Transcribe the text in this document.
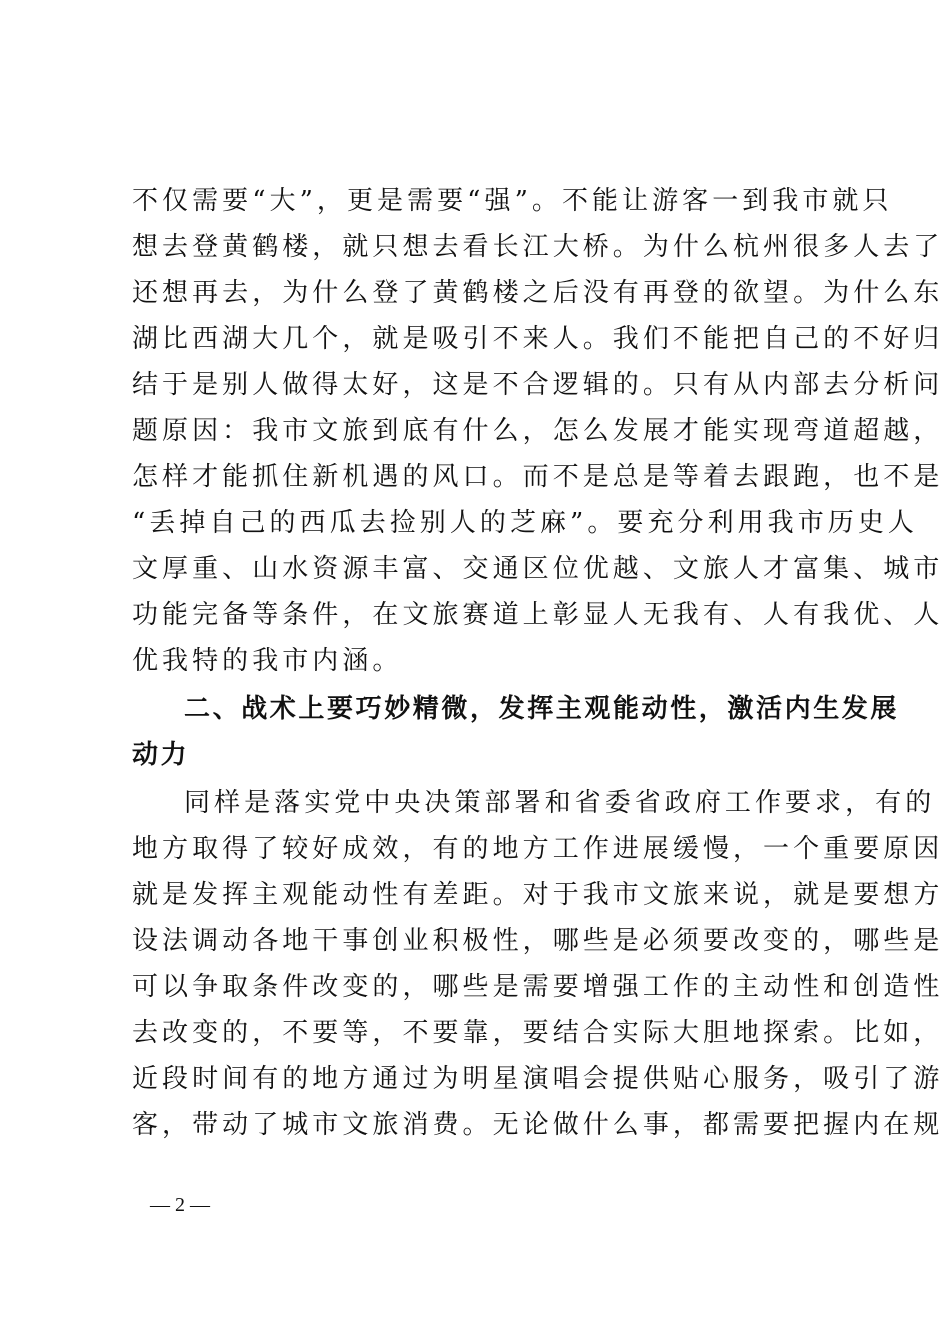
不仅需要“大”，更是需要“强”。不能让游客一到我市就只
想去登黄鹤楼，就只想去看长江大桥。为什么杭州很多人去了
还想再去，为什么登了黄鹤楼之后没有再登的欲望。为什么东
湖比西湖大几个，就是吸引不来人。我们不能把自己的不好归
结于是别人做得太好，这是不合逻辑的。只有从内部去分析问
题原因：我市文旅到底有什么，怎么发展才能实现弯道超越，
怎样才能抓住新机遇的风口。而不是总是等着去跟跑，也不是
“丢掉自己的西瓜去捡别人的芝麻”。要充分利用我市历史人
文厚重、山水资源丰富、交通区位优越、文旅人才富集、城市
功能完备等条件，在文旅赛道上彰显人无我有、人有我优、人
优我特的我市内涵。
二、战术上要巧妙精微，发挥主观能动性，激活内生发展
动力
同样是落实党中央决策部署和省委省政府工作要求，有的
地方取得了较好成效，有的地方工作进展缓慢，一个重要原因
就是发挥主观能动性有差距。对于我市文旅来说，就是要想方
设法调动各地干事创业积极性，哪些是必须要改变的，哪些是
可以争取条件改变的，哪些是需要增强工作的主动性和创造性
去改变的，不要等，不要靠，要结合实际大胆地探索。比如，
近段时间有的地方通过为明星演唱会提供贴心服务，吸引了游
客，带动了城市文旅消费。无论做什么事，都需要把握内在规
— 2 —
